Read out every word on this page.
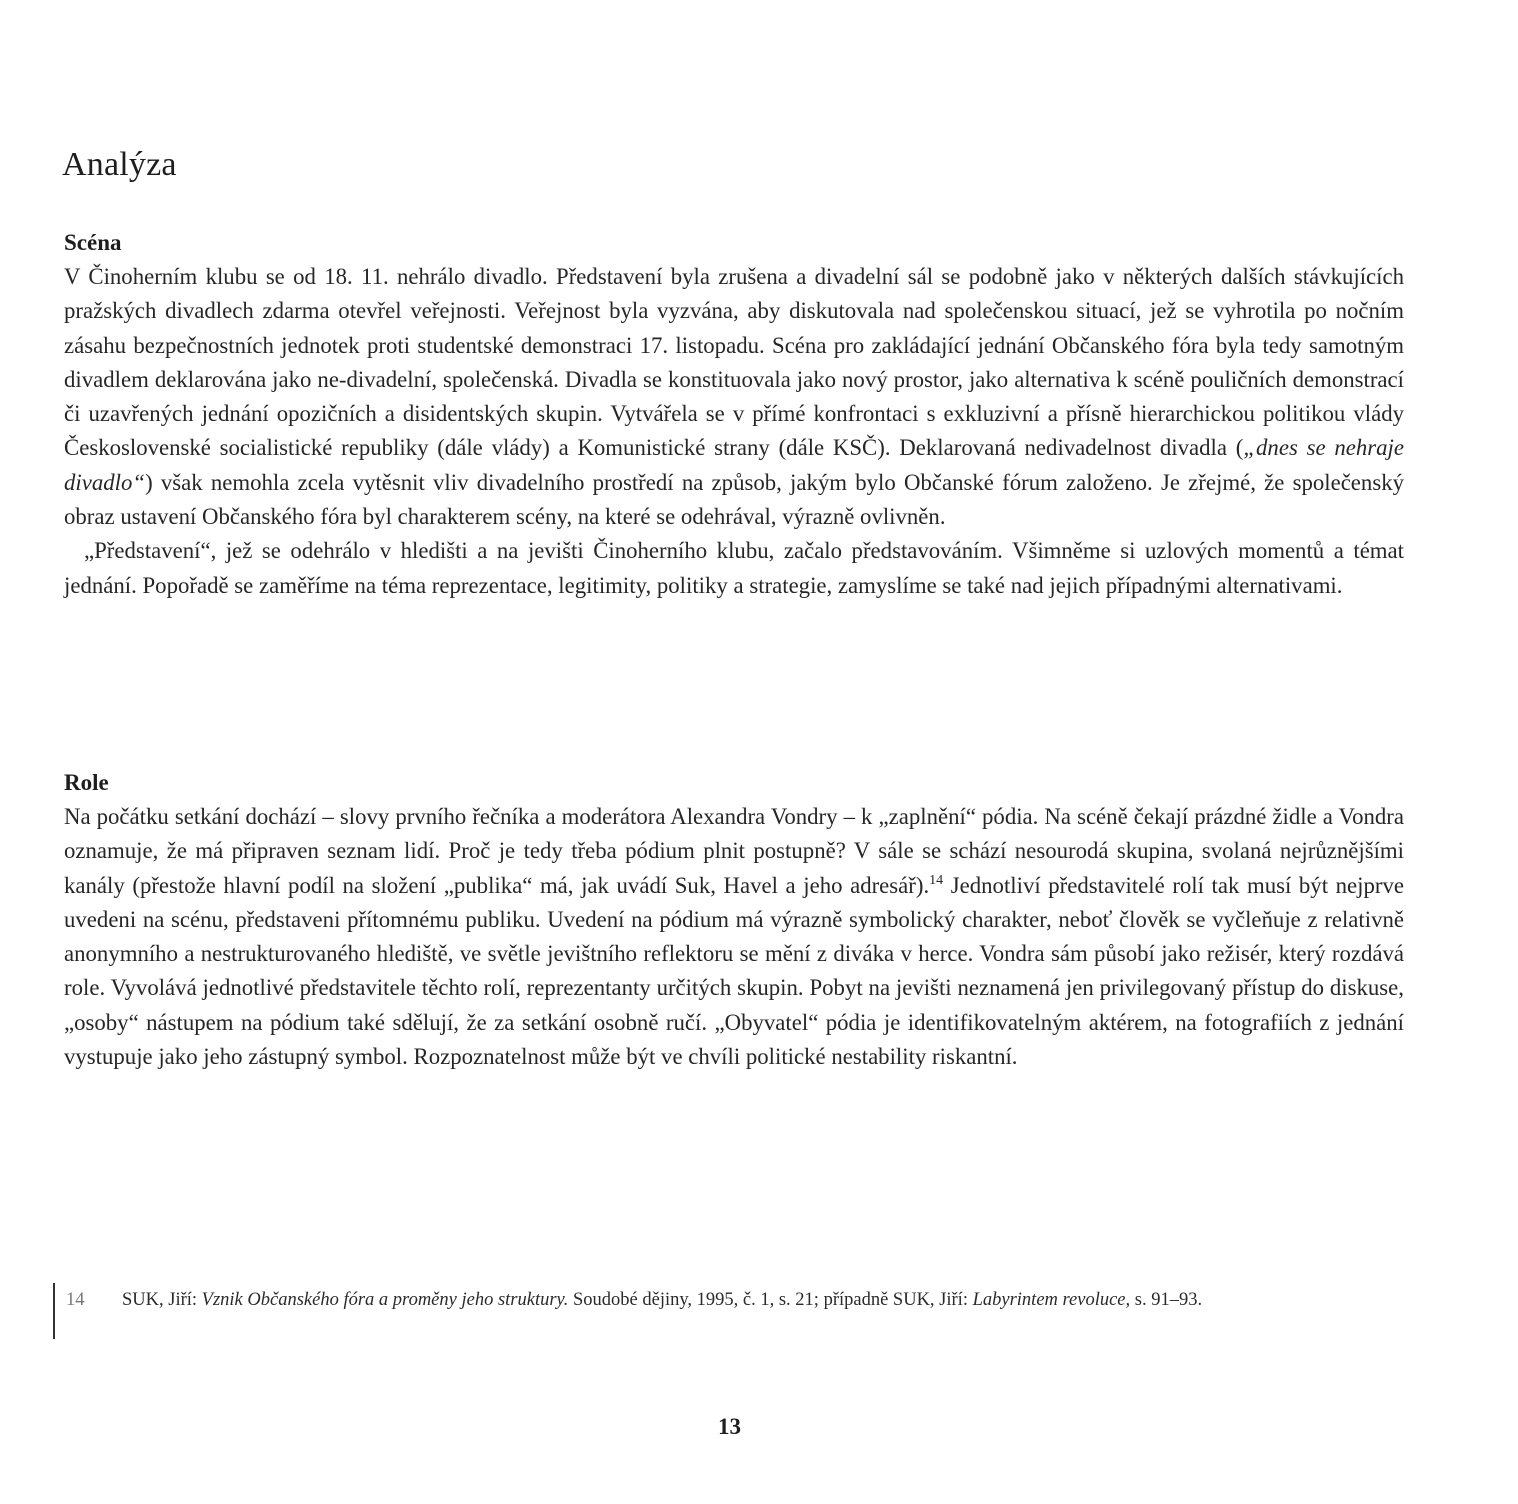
Analýza
Scéna

V Činoherním klubu se od 18. 11. nehrálo divadlo. Představení byla zrušena a divadelní sál se podobně jako v některých dalších stávkujících pražských divadlech zdarma otevřel veřejnosti. Veřejnost byla vyzvána, aby diskutovala nad společenskou situací, jež se vyhrotila po nočním zásahu bezpečnostních jednotek proti studentské demonstraci 17. listopadu. Scéna pro zakládající jednání Občanského fóra byla tedy samotným divadlem deklarována jako ne-divadelní, společenská. Divadla se konstituovala jako nový prostor, jako alternativa k scéně pouličních demonstrací či uzavřených jednání opozičních a disidentských skupin. Vytvářela se v přímé konfrontaci s exkluzivní a přísně hierarchickou politikou vlády Československé socialistické republiky (dále vlády) a Komunistické strany (dále KSČ). Deklarovaná nedivadelnost divadla („dnes se nehraje divadlo“) však nemohla zcela vytěsnit vliv divadelního prostředí na způsob, jakým bylo Občanské fórum založeno. Je zřejmé, že společenský obraz ustavení Občanského fóra byl charakterem scény, na které se odehrával, výrazně ovlivněn.

„Představení“, jež se odehrálo v hledišti a na jevišti Činoherního klubu, začalo představováním. Všimněme si uzlových momentů a témat jednání. Popořadě se zaměříme na téma reprezentace, legitimity, politiky a strategie, zamyslíme se také nad jejich případnými alternativami.

Role

Na počátku setkání dochází – slovy prvního řečníka a moderátora Alexandra Vondry – k „zaplnění“ pódia. Na scéně čekají prázdné židle a Vondra oznamuje, že má připraven seznam lidí. Proč je tedy třeba pódium plnit postupně? V sále se schází nesourodá skupina, svolaná nejrůznějšími kanály (přestože hlavní podíl na složení „publika“ má, jak uvádí Suk, Havel a jeho adresář).$^{14}$ Jednotliví představitelé rolí tak musí být nejprve uvedeni na scénu, představeni přítomnému publiku. Uvedení na pódium má výrazně symbolický charakter, neboť člověk se vyčleňuje z relativně anonymního a nestrukturovaného hlediště, ve světle jevištního reflektoru se mění z diváka v herce. Vondra sám působí jako režisér, který rozdává role. Vyvolává jednotlivé představitele těchto rolí, reprezentanty určitých skupin. Pobyt na jevišti neznamená jen privilegovaný přístup do diskuse, „osoby“ nástupem na pódium také sdělují, že za setkání osobně ručí. „Obyvatel“ pódia je identifikovatelným aktérem, na fotografiích z jednání vystupuje jako jeho zástupný symbol. Rozpoznatelnost může být ve chvíli politické nestability riskantní.

14 SUK, Jiří: Vznik Občanského fóra a proměny jeho struktury. Soudobé dějiny, 1995, č. 1, s. 21; případně SUK, Jiří: Labyrintem revoluce, s. 91–93.
13
